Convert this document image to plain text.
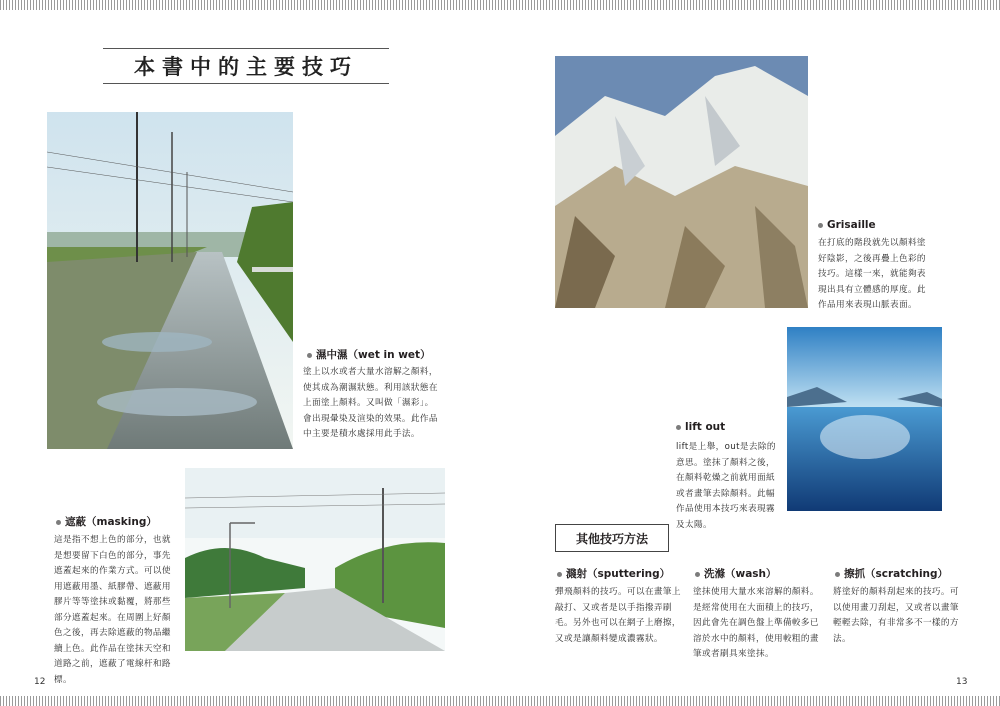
本書中的主要技巧
濕中濕（wet in wet）
塗上以水或者大量水溶解之顏料，使其成為潮濕狀態。利用該狀態在上面塗上顏料。又叫做「濕彩」。會出現暈染及渲染的效果。此作品中主要是積水處採用此手法。
遮蔽（masking）
這是指不想上色的部分，也就是想要留下白色的部分，事先遮蓋起來的作業方式。可以使用遮蔽用墨、紙膠帶、遮蔽用膠片等等塗抹或黏覆，將那些部分遮蓋起來。在周圍上好顏色之後，再去除遮蔽的物品繼續上色。此作品在塗抹天空和道路之前，遮蔽了電線杆和路標。
Grisaille
在打底的階段就先以顏料塗好陰影，之後再疊上色彩的技巧。這樣一來，就能夠表現出具有立體感的厚度。此作品用來表現山脈表面。
lift out
lift是上舉，out是去除的意思。塗抹了顏料之後，在顏料乾燥之前就用面紙或者畫筆去除顏料。此幅作品使用本技巧來表現霧及太陽。
其他技巧方法
濺射（sputtering）
彈飛顏料的技巧。可以在畫筆上敲打、又或者是以手指撥弄刷毛。另外也可以在網子上磨擦，又或是讓顏料變成濃霧狀。
洗滌（wash）
塗抹使用大量水來溶解的顏料。是經常使用在大面積上的技巧，因此會先在調色盤上準備較多已溶於水中的顏料，使用較粗的畫筆或者刷具來塗抹。
擦抓（scratching）
將塗好的顏料刮起來的技巧。可以使用畫刀刮起，又或者以畫筆輕輕去除，有非常多不一樣的方法。
12	13
